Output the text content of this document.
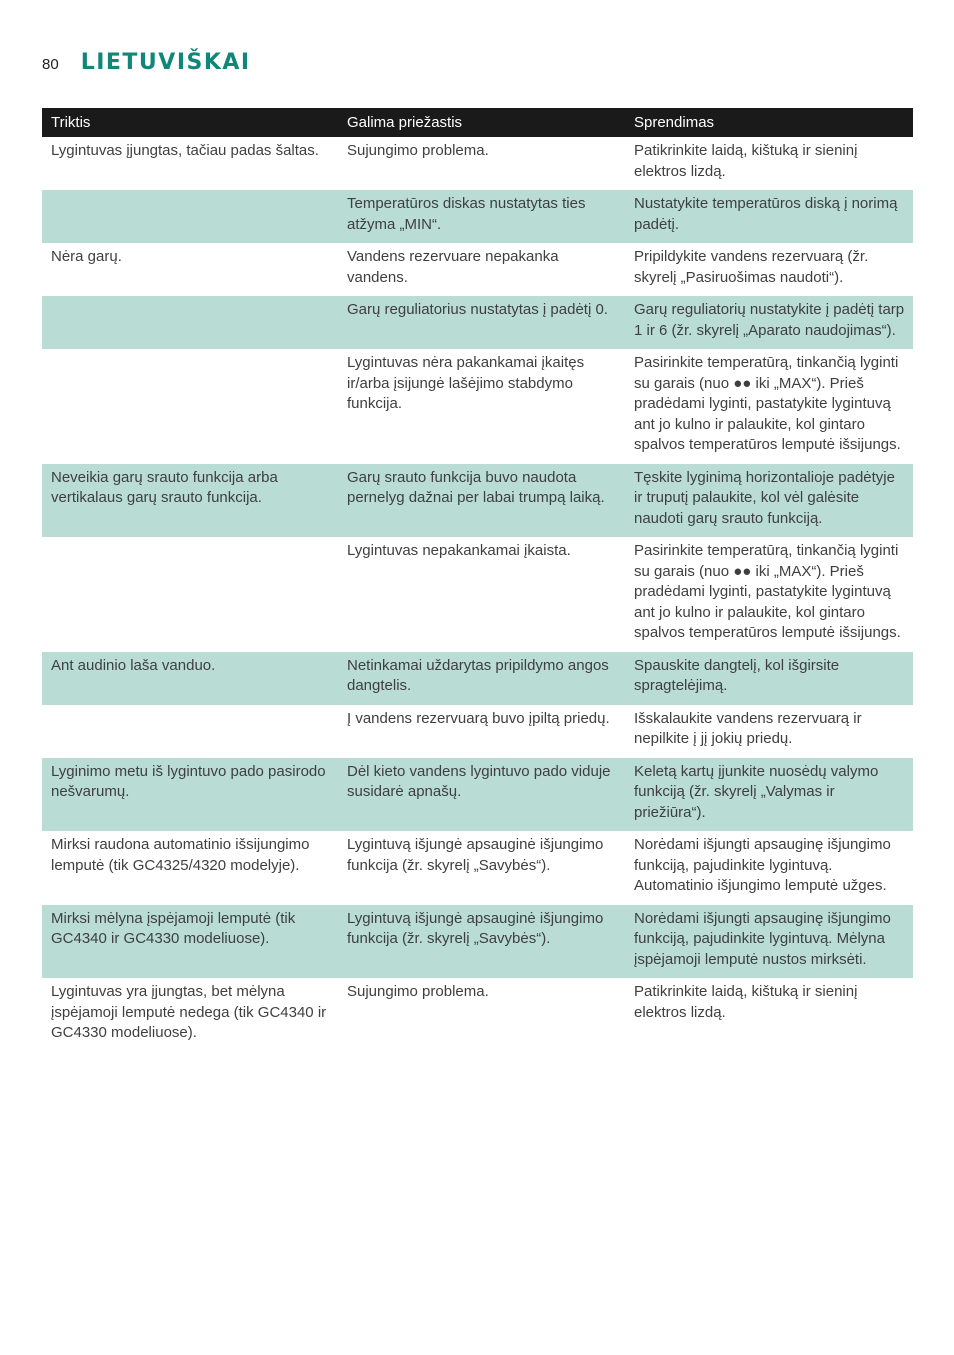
80 LIETUVIŠKAI
Triktis	Galima priežastis	Sprendimas
Lygintuvas įjungtas, tačiau padas šaltas.	Sujungimo problema.	Patikrinkite laidą, kištuką ir sieninį elektros lizdą.
	Temperatūros diskas nustatytas ties atžyma „MIN“.	Nustatykite temperatūros diską į norimą padėtį.
Nėra garų.	Vandens rezervuare nepakanka vandens.	Pripildykite vandens rezervuarą (žr. skyrelį „Pasiruošimas naudoti“).
	Garų reguliatorius nustatytas į padėtį 0.	Garų reguliatorių nustatykite į padėtį tarp 1 ir 6 (žr. skyrelį „Aparato naudojimas“).
	Lygintuvas nėra pakankamai įkaitęs ir/arba įsijungė lašėjimo stabdymo funkcija.	Pasirinkite temperatūrą, tinkančią lyginti su garais (nuo ●● iki „MAX“). Prieš pradėdami lyginti, pastatykite lygintuvą ant jo kulno ir palaukite, kol gintaro spalvos temperatūros lemputė išsijungs.
Neveikia garų srauto funkcija arba vertikalaus garų srauto funkcija.	Garų srauto funkcija buvo naudota pernelyg dažnai per labai trumpą laiką.	Tęskite lyginimą horizontalioje padėtyje ir truputį palaukite, kol vėl galėsite naudoti garų srauto funkciją.
	Lygintuvas nepakankamai įkaista.	Pasirinkite temperatūrą, tinkančią lyginti su garais (nuo ●● iki „MAX“). Prieš pradėdami lyginti, pastatykite lygintuvą ant jo kulno ir palaukite, kol gintaro spalvos temperatūros lemputė išsijungs.
Ant audinio laša vanduo.	Netinkamai uždarytas pripildymo angos dangtelis.	Spauskite dangtelį, kol išgirsite spragtelėjimą.
	Į vandens rezervuarą buvo įpiltą priedų.	Išskalaukite vandens rezervuarą ir nepilkite į jį jokių priedų.
Lyginimo metu iš lygintuvo pado pasirodo nešvarumų.	Dėl kieto vandens lygintuvo pado viduje susidarė apnašų.	Keletą kartų įjunkite nuosėdų valymo funkciją (žr. skyrelį „Valymas ir priežiūra“).
Mirksi raudona automatinio išsijungimo lemputė (tik GC4325/4320 modelyje).	Lygintuvą išjungė apsauginė išjungimo funkcija (žr. skyrelį „Savybės“).	Norėdami išjungti apsauginę išjungimo funkciją, pajudinkite lygintuvą. Automatinio išjungimo lemputė užges.
Mirksi mėlyna įspėjamoji lemputė (tik GC4340 ir GC4330 modeliuose).	Lygintuvą išjungė apsauginė išjungimo funkcija (žr. skyrelį „Savybės“).	Norėdami išjungti apsauginę išjungimo funkciją, pajudinkite lygintuvą. Mėlyna įspėjamoji lemputė nustos mirksėti.
Lygintuvas yra įjungtas, bet mėlyna įspėjamoji lemputė nedega (tik GC4340 ir GC4330 modeliuose).	Sujungimo problema.	Patikrinkite laidą, kištuką ir sieninį elektros lizdą.
